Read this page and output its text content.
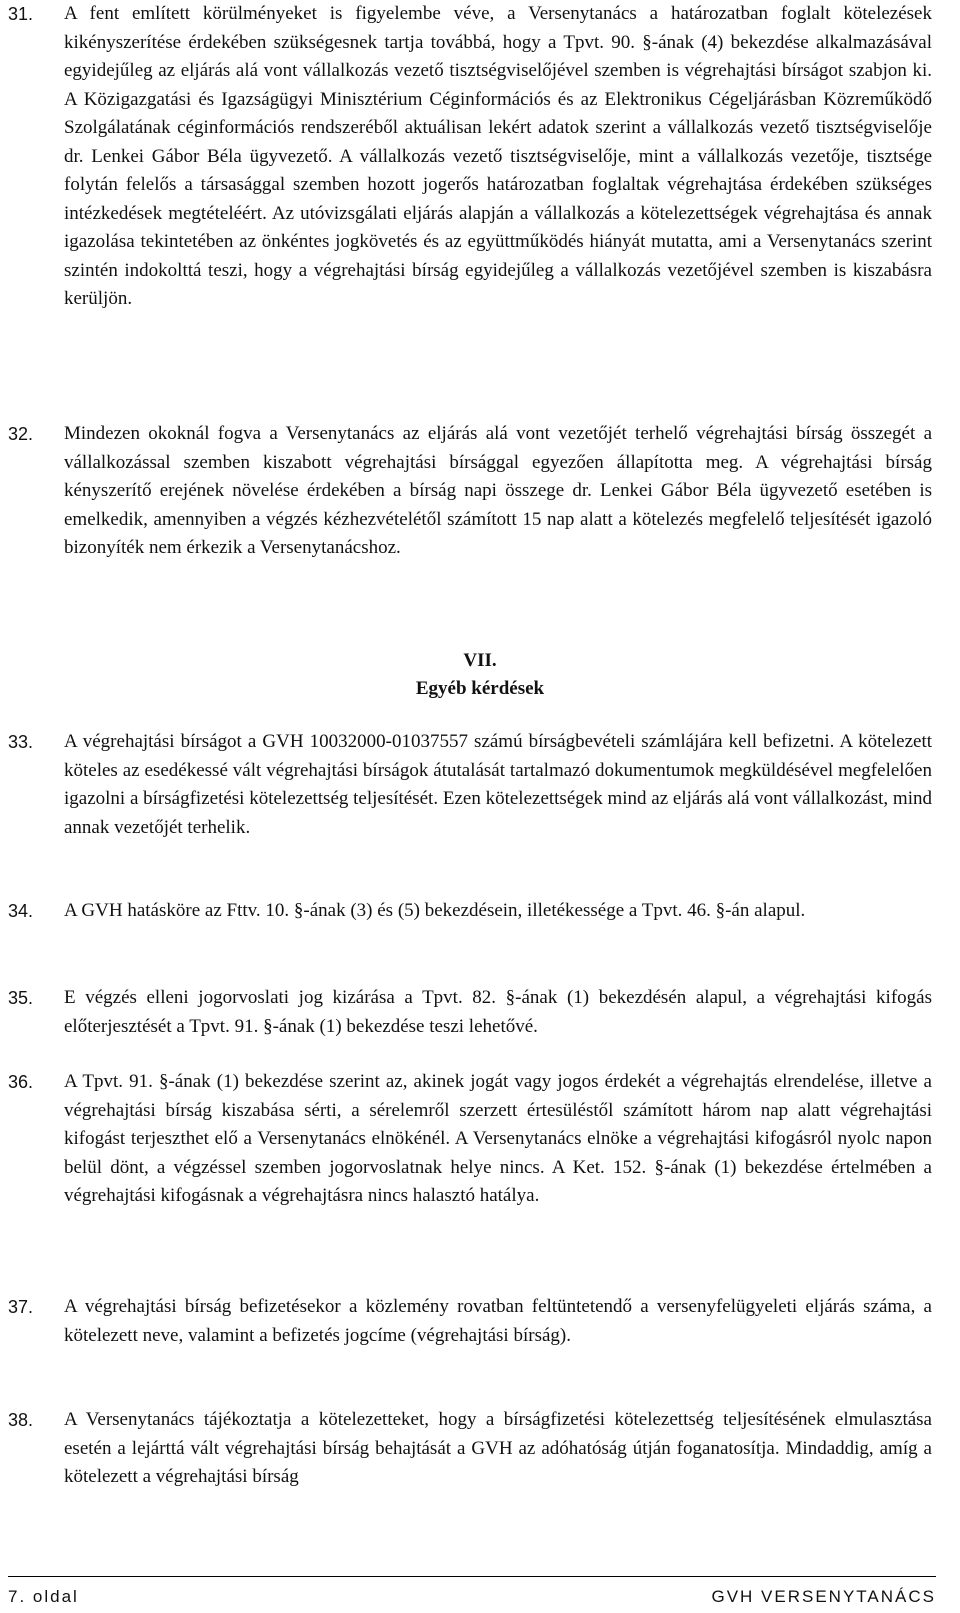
31. A fent említett körülményeket is figyelembe véve, a Versenytanács a határozatban foglalt kötelezések kikényszerítése érdekében szükségesnek tartja továbbá, hogy a Tpvt. 90. §-ának (4) bekezdése alkalmazásával egyidejűleg az eljárás alá vont vállalkozás vezető tisztségviselőjével szemben is végrehajtási bírságot szabjon ki. A Közigazgatási és Igazságügyi Minisztérium Céginformációs és az Elektronikus Cégeljárásban Közreműködő Szolgálatának céginformációs rendszeréből aktuálisan lekért adatok szerint a vállalkozás vezető tisztségviselője dr. Lenkei Gábor Béla ügyvezető. A vállalkozás vezető tisztségviselője, mint a vállalkozás vezetője, tisztsége folytán felelős a társasággal szemben hozott jogerős határozatban foglaltak végrehajtása érdekében szükséges intézkedések megtételéért. Az utóvizsgálati eljárás alapján a vállalkozás a kötelezettségek végrehajtása és annak igazolása tekintetében az önkéntes jogkövetés és az együttműködés hiányát mutatta, ami a Versenytanács szerint szintén indokolttá teszi, hogy a végrehajtási bírság egyidejűleg a vállalkozás vezetőjével szemben is kiszabásra kerüljön.
32. Mindezen okoknál fogva a Versenytanács az eljárás alá vont vezetőjét terhelő végrehajtási bírság összegét a vállalkozással szemben kiszabott végrehajtási bírsággal egyezően állapította meg. A végrehajtási bírság kényszerítő erejének növelése érdekében a bírság napi összege dr. Lenkei Gábor Béla ügyvezető esetében is emelkedik, amennyiben a végzés kézhezvételétől számított 15 nap alatt a kötelezés megfelelő teljesítését igazoló bizonyíték nem érkezik a Versenytanácshoz.
VII.
Egyéb kérdések
33. A végrehajtási bírságot a GVH 10032000-01037557 számú bírságbevételi számlájára kell befizetni. A kötelezett köteles az esedékessé vált végrehajtási bírságok átutalását tartalmazó dokumentumok megküldésével megfelelően igazolni a bírságfizetési kötelezettség teljesítését. Ezen kötelezettségek mind az eljárás alá vont vállalkozást, mind annak vezetőjét terhelik.
34. A GVH hatásköre az Fttv. 10. §-ának (3) és (5) bekezdésein, illetékessége a Tpvt. 46. §-án alapul.
35. E végzés elleni jogorvoslati jog kizárása a Tpvt. 82. §-ának (1) bekezdésén alapul, a végrehajtási kifogás előterjesztését a Tpvt. 91. §-ának (1) bekezdése teszi lehetővé.
36. A Tpvt. 91. §-ának (1) bekezdése szerint az, akinek jogát vagy jogos érdekét a végrehajtás elrendelése, illetve a végrehajtási bírság kiszabása sérti, a sérelemről szerzett értesüléstől számított három nap alatt végrehajtási kifogást terjeszthet elő a Versenytanács elnökénél. A Versenytanács elnöke a végrehajtási kifogásról nyolc napon belül dönt, a végzéssel szemben jogorvoslatnak helye nincs. A Ket. 152. §-ának (1) bekezdése értelmében a végrehajtási kifogásnak a végrehajtásra nincs halasztó hatálya.
37. A végrehajtási bírság befizetésekor a közlemény rovatban feltüntetendő a versenyfelügyeleti eljárás száma, a kötelezett neve, valamint a befizetés jogcíme (végrehajtási bírság).
38. A Versenytanács tájékoztatja a kötelezetteket, hogy a bírságfizetési kötelezettség teljesítésének elmulasztása esetén a lejárttá vált végrehajtási bírság behajtását a GVH az adóhatóság útján foganatosítja. Mindaddig, amíg a kötelezett a végrehajtási bírság
7. oldal	GVH VERSENYTANÁCS
